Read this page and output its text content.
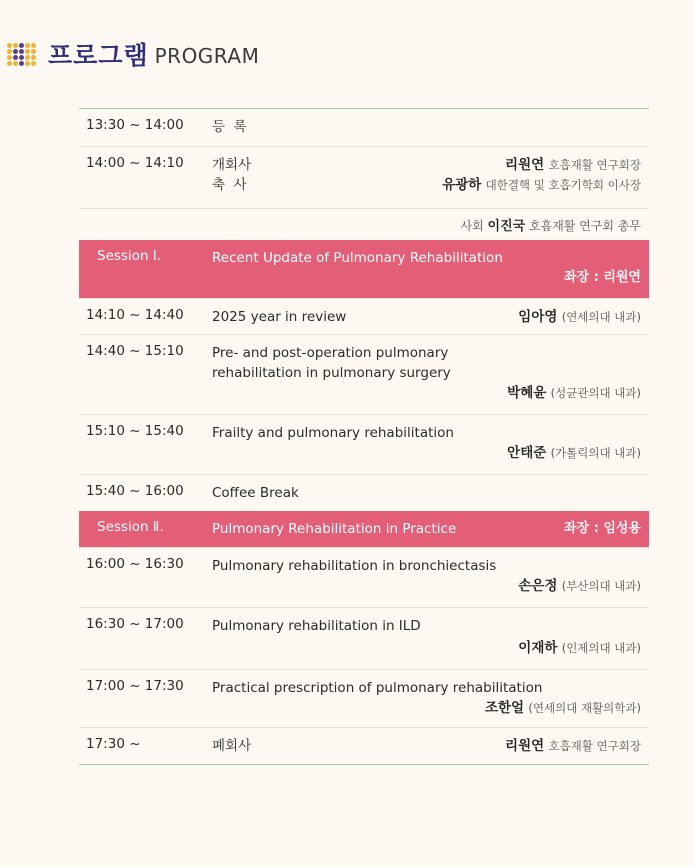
프로그램 PROGRAM
13:30 ~ 14:00	등  록
14:00 ~ 14:10	개회사	리원연 호흡재활 연구회장
축  사	유광하 대한결핵 및 호흡기학회 이사장
사회 이진국 호흡재활 연구회 총무
Session Ⅰ.	Recent Update of Pulmonary Rehabilitation
좌장 : 리원연
14:10 ~ 14:40	2025 year in review	임아영 (연세의대 내과)
14:40 ~ 15:10	Pre- and post-operation pulmonary
rehabilitation in pulmonary surgery
박혜윤 (성균관의대 내과)
15:10 ~ 15:40	Frailty and pulmonary rehabilitation
안태준 (가톨릭의대 내과)
15:40 ~ 16:00	Coffee Break
Session Ⅱ.	Pulmonary Rehabilitation in Practice	좌장 : 임성용
16:00 ~ 16:30	Pulmonary rehabilitation in bronchiectasis
손은정 (부산의대 내과)
16:30 ~ 17:00	Pulmonary rehabilitation in ILD
이재하 (인제의대 내과)
17:00 ~ 17:30	Practical prescription of pulmonary rehabilitation
조한얼 (연세의대 재활의학과)
17:30 ~	폐회사	리원연 호흡재활 연구회장
